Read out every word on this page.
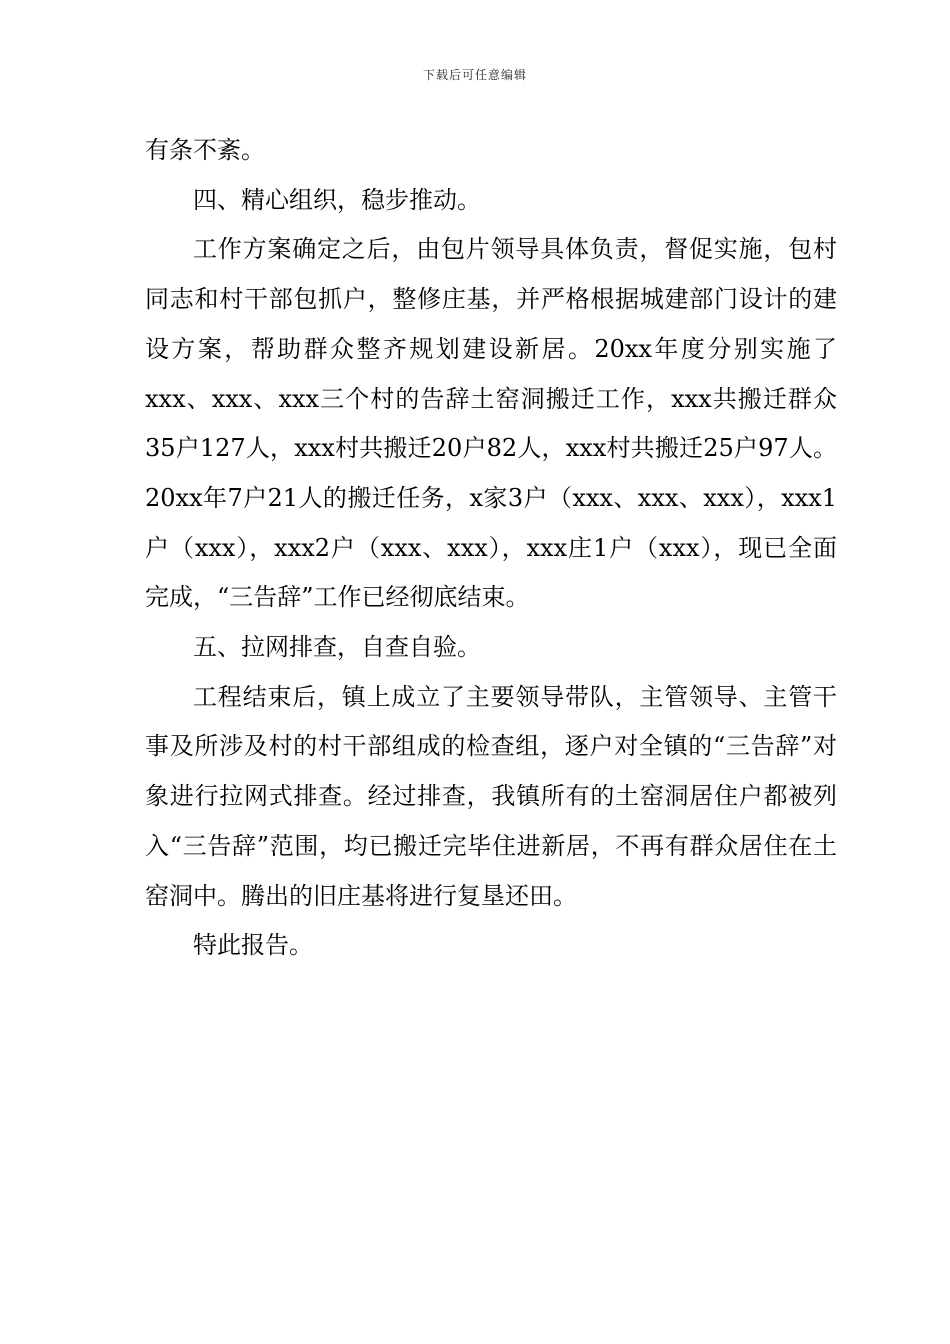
下载后可任意编辑

有条不紊。

四、精心组织，稳步推动。

工作方案确定之后，由包片领导具体负责，督促实施，包村同志和村干部包抓户，整修庄基，并严格根据城建部门设计的建设方案，帮助群众整齐规划建设新居。20xx年度分别实施了xxx、xxx、xxx三个村的告辞土窑洞搬迁工作，xxx共搬迁群众35户127人，xxx村共搬迁20户82人，xxx村共搬迁25户97人。20xx年7户21人的搬迁任务，x家3户（xxx、xxx、xxx），xxx1户（xxx），xxx2户（xxx、xxx），xxx庄1户（xxx），现已全面完成，“三告辞”工作已经彻底结束。

五、拉网排查，自查自验。

工程结束后，镇上成立了主要领导带队，主管领导、主管干事及所涉及村的村干部组成的检查组，逐户对全镇的“三告辞”对象进行拉网式排查。经过排查，我镇所有的土窑洞居住户都被列入“三告辞”范围，均已搬迁完毕住进新居，不再有群众居住在土窑洞中。腾出的旧庄基将进行复垦还田。

特此报告。
